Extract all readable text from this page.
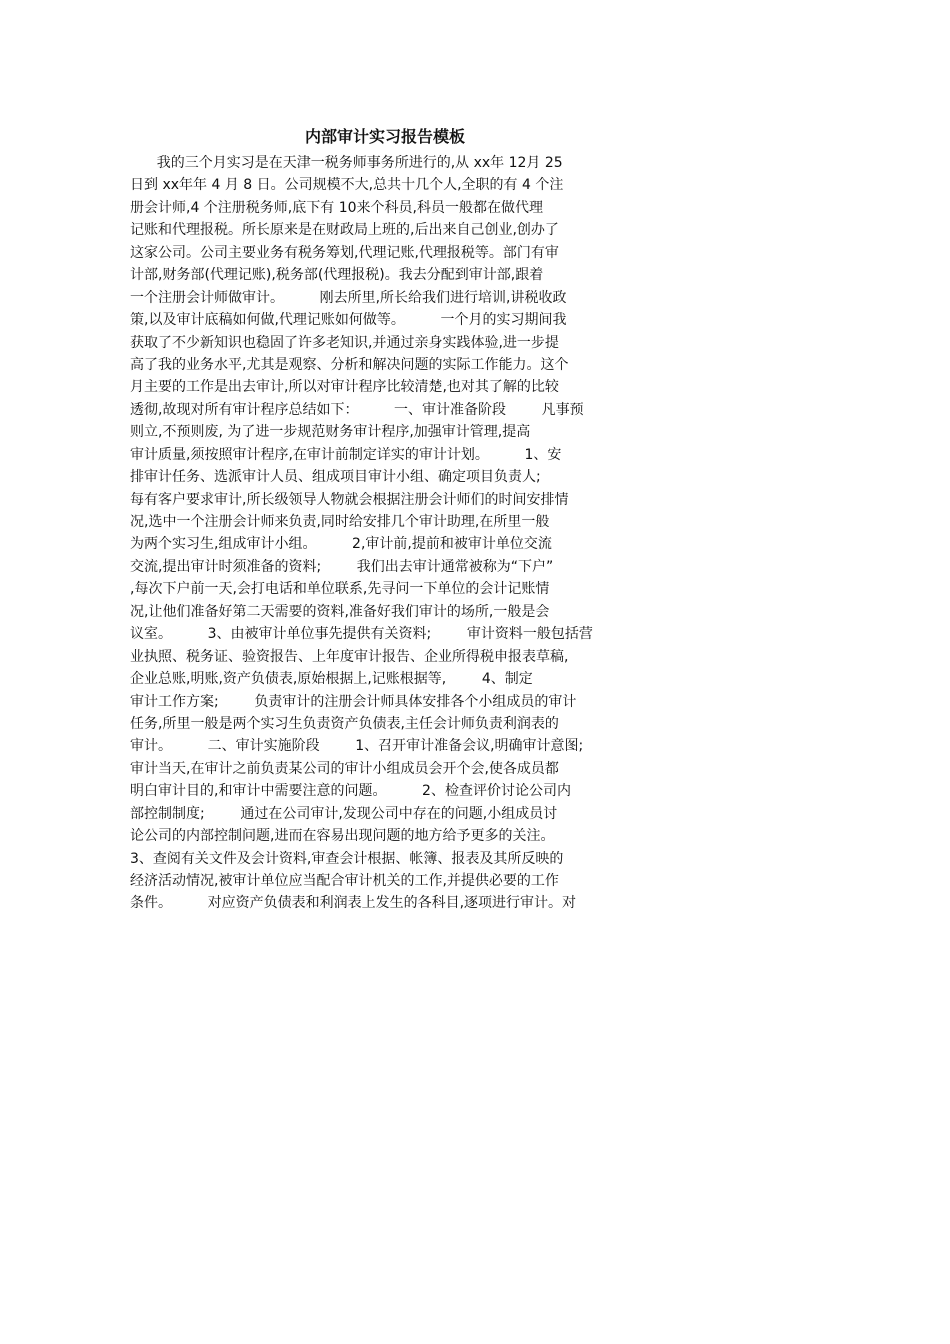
内部审计实习报告模板
我的三个月实习是在天津一税务师事务所进行的,从 xx年 12月 25
日到 xx年年 4 月 8 日。公司规模不大,总共十几个人,全职的有 4 个注
册会计师,4 个注册税务师,底下有 10来个科员,科员一般都在做代理
记账和代理报税。所长原来是在财政局上班的,后出来自己创业,创办了
这家公司。公司主要业务有税务筹划,代理记账,代理报税等。部门有审
计部,财务部(代理记账),税务部(代理报税)。我去分配到审计部,跟着
一个注册会计师做审计。        刚去所里,所长给我们进行培训,讲税收政
策,以及审计底稿如何做,代理记账如何做等。        一个月的实习期间我
获取了不少新知识也稳固了许多老知识,并通过亲身实践体验,进一步提
高了我的业务水平,尤其是观察、分析和解决问题的实际工作能力。这个
月主要的工作是出去审计,所以对审计程序比较清楚,也对其了解的比较
透彻,故现对所有审计程序总结如下：        一、审计准备阶段        凡事预
则立,不预则废, 为了进一步规范财务审计程序,加强审计管理,提高
审计质量,须按照审计程序,在审计前制定详实的审计计划。        1、安
排审计任务、选派审计人员、组成项目审计小组、确定项目负责人;
每有客户要求审计,所长级领导人物就会根据注册会计师们的时间安排情
况,选中一个注册会计师来负责,同时给安排几个审计助理,在所里一般
为两个实习生,组成审计小组。        2,审计前,提前和被审计单位交流
交流,提出审计时须准备的资料;        我们出去审计通常被称为“下户”
,每次下户前一天,会打电话和单位联系,先寻问一下单位的会计记账情
况,让他们准备好第二天需要的资料,准备好我们审计的场所,一般是会
议室。        3、由被审计单位事先提供有关资料;        审计资料一般包括营
业执照、税务证、验资报告、上年度审计报告、企业所得税申报表草稿,
企业总账,明账,资产负债表,原始根据上,记账根据等,        4、制定
审计工作方案;        负责审计的注册会计师具体安排各个小组成员的审计
任务,所里一般是两个实习生负责资产负债表,主任会计师负责利润表的
审计。        二、审计实施阶段        1、召开审计准备会议,明确审计意图;
审计当天,在审计之前负责某公司的审计小组成员会开个会,使各成员都
明白审计目的,和审计中需要注意的问题。        2、检查评价讨论公司内
部控制制度;        通过在公司审计,发现公司中存在的问题,小组成员讨
论公司的内部控制问题,进而在容易出现问题的地方给予更多的关注。
3、查阅有关文件及会计资料,审查会计根据、帐簿、报表及其所反映的
经济活动情况,被审计单位应当配合审计机关的工作,并提供必要的工作
条件。        对应资产负债表和利润表上发生的各科目,逐项进行审计。对
